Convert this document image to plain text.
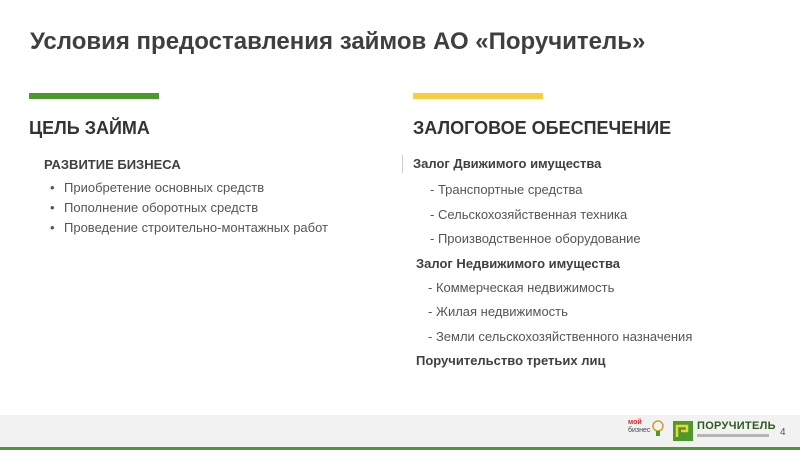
Условия предоставления займов АО «Поручитель»
ЦЕЛЬ ЗАЙМА	ЗАЛОГОВОЕ ОБЕСПЕЧЕНИЕ
РАЗВИТИЕ БИЗНЕСА
• Приобретение основных средств
• Пополнение оборотных средств
• Проведение строительно-монтажных работ
Залог Движимого имущества
- Транспортные средства
- Сельскохозяйственная техника
- Производственное оборудование
Залог Недвижимого имущества
- Коммерческая недвижимость
- Жилая недвижимость
- Земли сельскохозяйственного назначения
Поручительство третьих лиц
мой
бизнес	ПОРУЧИТЕЛЬ
4
